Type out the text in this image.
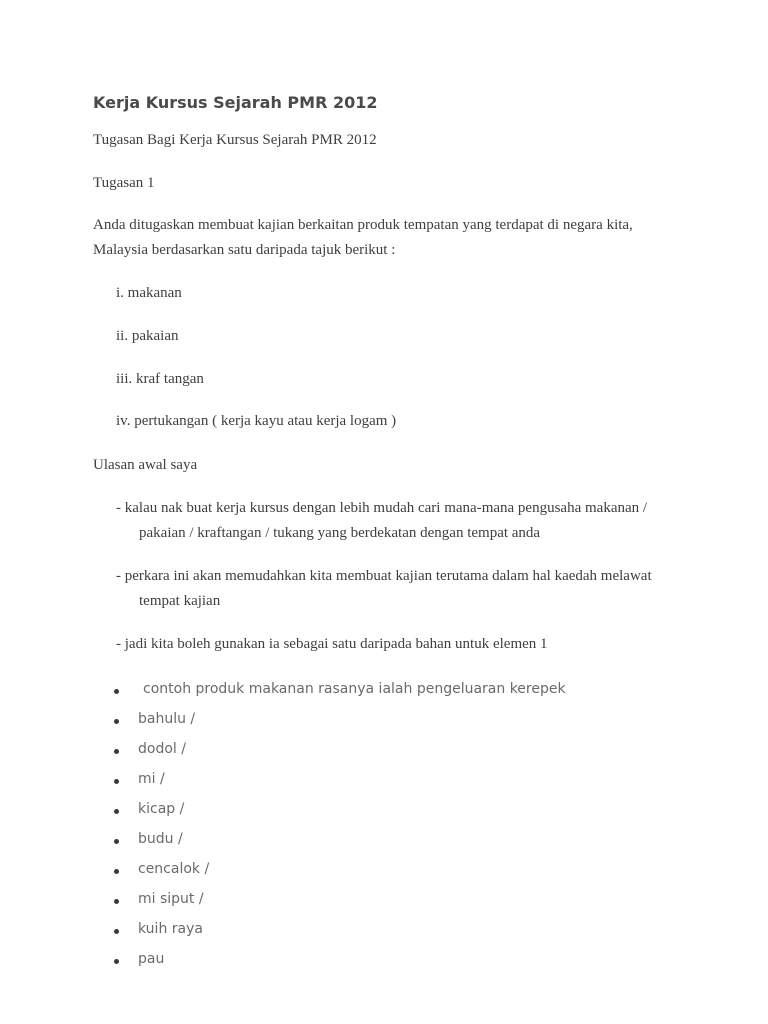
Kerja Kursus Sejarah PMR 2012

Tugasan Bagi Kerja Kursus Sejarah PMR 2012

Tugasan 1

Anda ditugaskan membuat kajian berkaitan produk tempatan yang terdapat di negara kita,

Malaysia berdasarkan satu daripada tajuk berikut :

i. makanan

ii. pakaian

iii. kraf tangan

iv. pertukangan ( kerja kayu atau kerja logam )

Ulasan awal saya

- kalau nak buat kerja kursus dengan lebih mudah cari mana-mana pengusaha makanan /
pakaian / kraftangan / tukang yang berdekatan dengan tempat anda
- perkara ini akan memudahkan kita membuat kajian terutama dalam hal kaedah melawat
tempat kajian
- jadi kita boleh gunakan ia sebagai satu daripada bahan untuk elemen 1
contoh produk makanan rasanya ialah pengeluaran kerepek
bahulu /
dodol /
mi /
kicap /
budu /
cencalok /
mi siput /
kuih raya
pau
